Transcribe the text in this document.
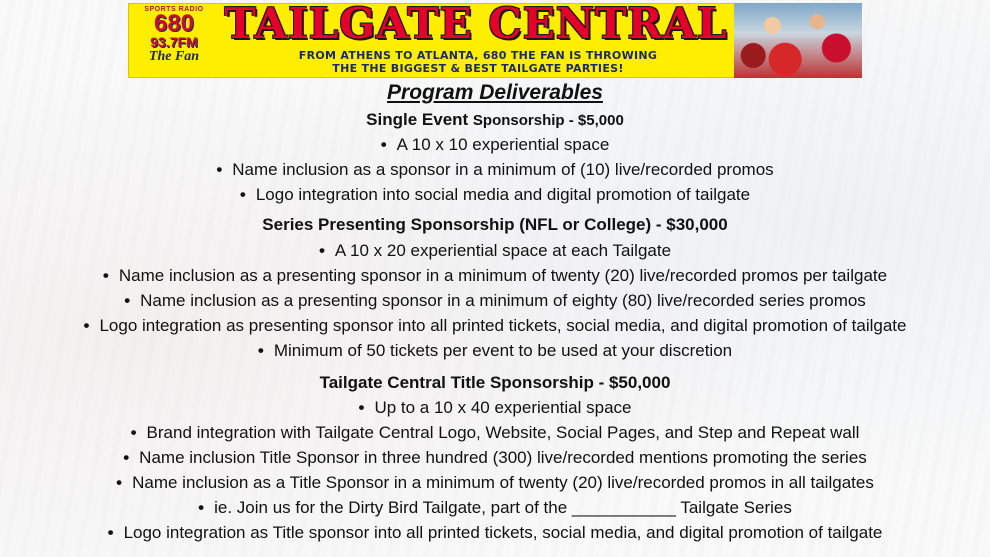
SPORTS RADIO
680
93.7FM
The Fan
TAILGATE CENTRAL
FROM ATHENS TO ATLANTA, 680 THE FAN IS THROWING
THE THE BIGGEST & BEST TAILGATE PARTIES!
Program Deliverables
Single Event Sponsorship - $5,000
• A 10 x 10 experiential space
• Name inclusion as a sponsor in a minimum of (10) live/recorded promos
• Logo integration into social media and digital promotion of tailgate
Series Presenting Sponsorship (NFL or College) - $30,000
• A 10 x 20 experiential space at each Tailgate
• Name inclusion as a presenting sponsor in a minimum of twenty (20) live/recorded promos per tailgate
• Name inclusion as a presenting sponsor in a minimum of eighty (80) live/recorded series promos
• Logo integration as presenting sponsor into all printed tickets, social media, and digital promotion of tailgate
• Minimum of 50 tickets per event to be used at your discretion
Tailgate Central Title Sponsorship - $50,000
• Up to a 10 x 40 experiential space
• Brand integration with Tailgate Central Logo, Website, Social Pages, and Step and Repeat wall
• Name inclusion Title Sponsor in three hundred (300) live/recorded mentions promoting the series
• Name inclusion as a Title Sponsor in a minimum of twenty (20) live/recorded promos in all tailgates
• ie. Join us for the Dirty Bird Tailgate, part of the ___________ Tailgate Series
• Logo integration as Title sponsor into all printed tickets, social media, and digital promotion of tailgate
